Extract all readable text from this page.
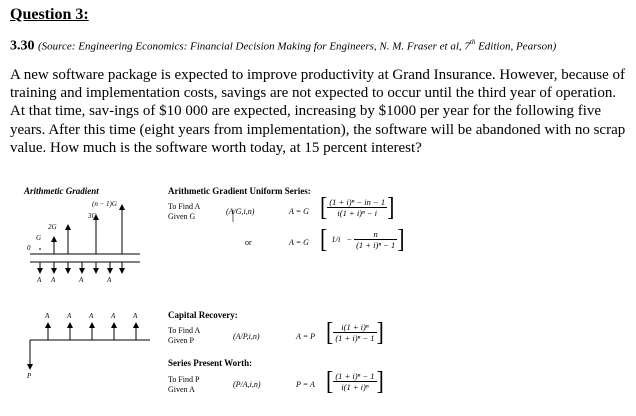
Question 3:
3.30 (Source: Engineering Economics: Financial Decision Making for Engineers, N. M. Fraser et al, 7th Edition, Pearson)
A new software package is expected to improve productivity at Grand Insurance. However, because of training and implementation costs, savings are not expected to occur until the third year of operation. At that time, sav-ings of $10 000 are expected, increasing by $1000 per year for the following five years. After this time (eight years from implementation), the software will be abandoned with no scrap value. How much is the software worth today, at 15 percent interest?
Arithmetic Gradient
(n − 1)G
3G
2G
G
0
A A	A	A
A	A	A	A	A
P
Arithmetic Gradient Uniform Series:
To Find A
Given G
(A/G,i,n)	A = G [ $\frac{\text{(1 + i)ⁿ − in − 1}}{\text{i(1 + i)ⁿ − i}}$ ]
or	A = G [ $1/i - \frac{n}{\text{(1 + i)ⁿ − 1}}$ ]
Capital Recovery:
To Find A
Given P	(A/P,i,n)	A = P [ $\frac{\text{i(1 + i)ⁿ}}{\text{(1 + i)ⁿ − 1}}$ ]
Series Present Worth:
To Find P
Given A
(P/A,i,n)	P = A [ $\frac{\text{(1 + i)ⁿ − 1}}{\text{i(1 + i)ⁿ}}$ ]
